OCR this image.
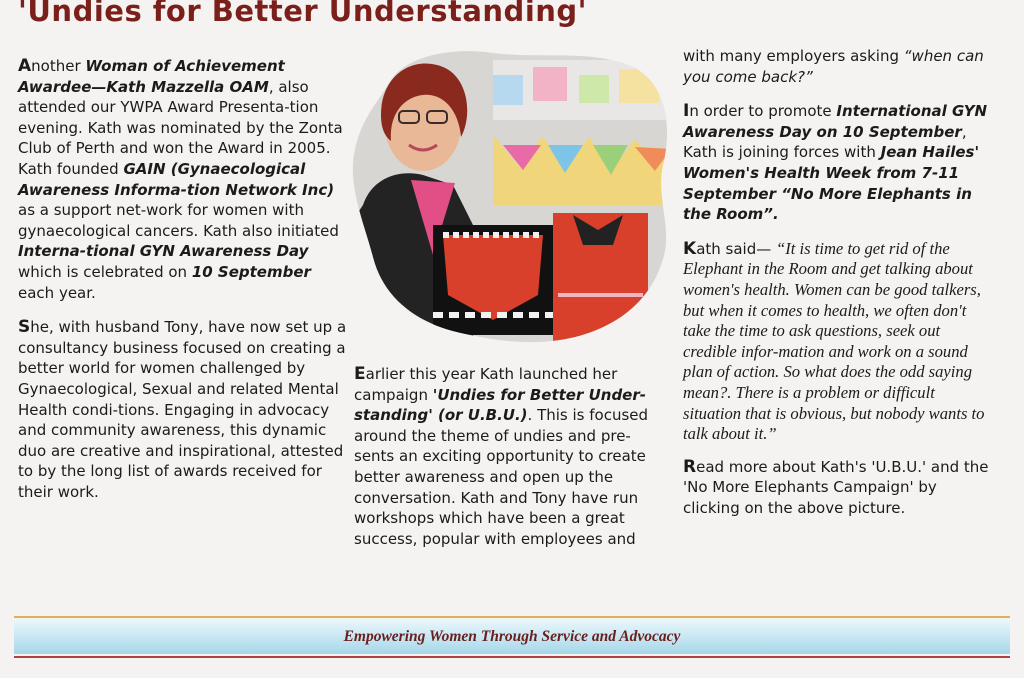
'Undies for Better Understanding'

Another Woman of Achievement Awardee—Kath Mazzella OAM, also attended our YWPA Award Presenta-tion evening. Kath was nominated by the Zonta Club of Perth and won the Award in 2005. Kath founded GAIN (Gynaecological Awareness Informa-tion Network Inc) as a support net-work for women with gynaecological cancers. Kath also initiated Interna-tional GYN Awareness Day which is celebrated on 10 September each year.

She, with husband Tony, have now set up a consultancy business focused on creating a better world for women challenged by Gynaecological, Sexual and related Mental Health condi-tions. Engaging in advocacy and community awareness, this dynamic duo are creative and inspirational, attested to by the long list of awards received for their work.

Earlier this year Kath launched her campaign 'Undies for Better Under-standing' (or U.B.U.). This is focused around the theme of undies and pre-sents an exciting opportunity to create better awareness and open up the conversation. Kath and Tony have run workshops which have been a great success, popular with employees and

with many employers asking “when can you come back?”

In order to promote International GYN Awareness Day on 10 September, Kath is joining forces with Jean Hailes' Women's Health Week from 7-11 September “No More Elephants in the Room”.

Kath said— “It is time to get rid of the Elephant in the Room and get talking about women's health. Women can be good talkers, but when it comes to health, we often don't take the time to ask questions, seek out credible infor-mation and work on a sound plan of action. So what does the odd saying mean?. There is a problem or difficult situation that is obvious, but nobody wants to talk about it.”

Read more about Kath's 'U.B.U.' and the 'No More Elephants Campaign' by clicking on the above picture.

Empowering Women Through Service and Advocacy
